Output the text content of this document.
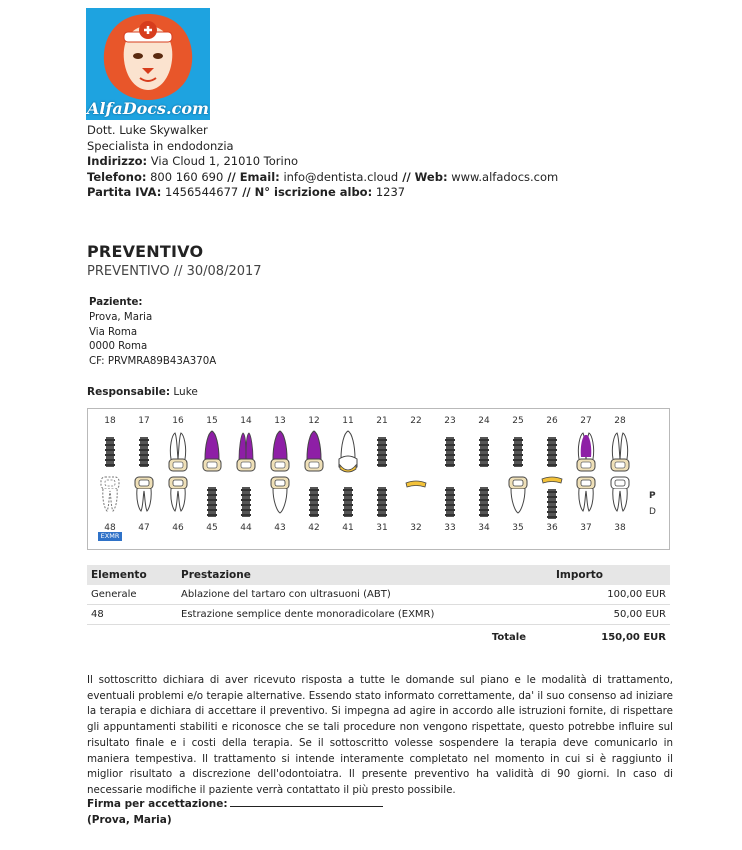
AlfaDocs.com
Dott. Luke Skywalker
Specialista in endodonzia
Indirizzo: Via Cloud 1, 21010 Torino
Telefono: 800 160 690 // Email: info@dentista.cloud // Web: www.alfadocs.com
Partita IVA: 1456544677 // N° iscrizione albo: 1237
PREVENTIVO
PREVENTIVO // 30/08/2017
Paziente:
Prova, Maria
Via Roma
0000 Roma
CF: PRVMRA89B43A370A
Responsabile: Luke
EXMR
P
D
18	17	16	15	14	13	12	11	21	22	23	24	25	26	27	28
48	47	46	45	44	43	42	41	31	32	33	34	35	36	37	38
Elemento	Prestazione	Importo
Generale	Ablazione del tartaro con ultrasuoni (ABT)	100,00 EUR
48	Estrazione semplice dente monoradicolare (EXMR)	50,00 EUR
	Totale	150,00 EUR
Il sottoscritto dichiara di aver ricevuto risposta a tutte le domande sul piano e le modalità di trattamento, eventuali problemi e/o terapie alternative. Essendo stato informato correttamente, da' il suo consenso ad iniziare la terapia e dichiara di accettare il preventivo. Si impegna ad agire in accordo alle istruzioni fornite, di rispettare gli appuntamenti stabiliti e riconosce che se tali procedure non vengono rispettate, questo potrebbe influire sul risultato finale e i costi della terapia. Se il sottoscritto volesse sospendere la terapia deve comunicarlo in maniera tempestiva. Il trattamento si intende interamente completato nel momento in cui si è raggiunto il miglior risultato a discrezione dell'odontoiatra. Il presente preventivo ha validità di 90 giorni. In caso di necessarie modifiche il paziente verrà contattato il più presto possibile.
Firma per accettazione:
(Prova, Maria)
